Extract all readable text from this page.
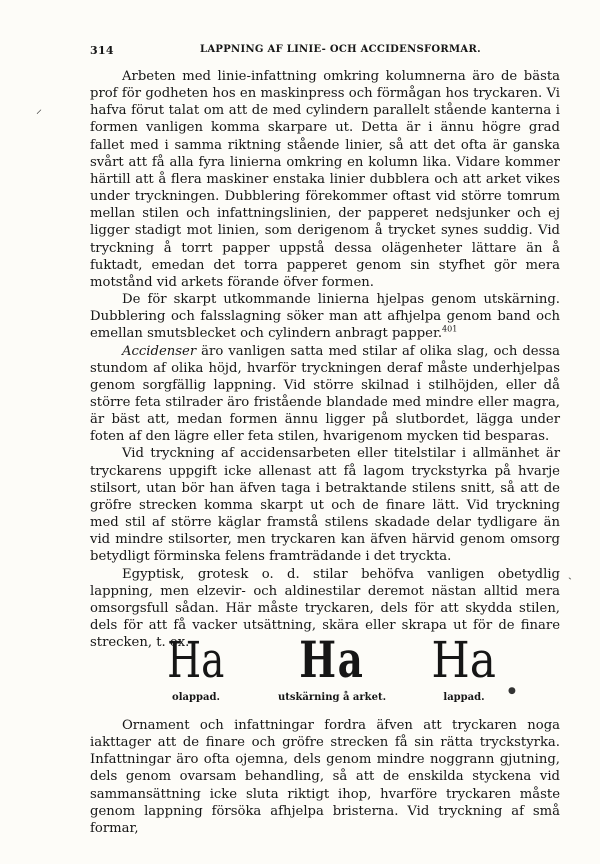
314	LAPPNING AF LINIE- OCH ACCIDENSFORMAR.

Arbeten med linie-infattning omkring kolumnerna äro de bästa prof för godheten hos en maskinpress och förmågan hos tryckaren. Vi hafva förut talat om att de med cylindern parallelt stående kanterna i formen vanligen komma skarpare ut. Detta är i ännu högre grad fallet med i samma riktning stående linier, så att det ofta är ganska svårt att få alla fyra linierna omkring en kolumn lika. Vidare kommer härtill att å flera maskiner enstaka linier dubblera och att arket vikes under tryckningen. Dubblering förekommer oftast vid större tomrum mellan stilen och infattningslinien, der papperet nedsjunker och ej ligger stadigt mot linien, som derigenom å trycket synes suddig. Vid tryckning å torrt papper uppstå dessa olägenheter lättare än å fuktadt, emedan det torra papperet genom sin styfhet gör mera motstånd vid arkets förande öfver formen.

De för skarpt utkommande linierna hjelpas genom utskärning. Dubblering och falsslagning söker man att afhjelpa genom band och emellan smutsblecket och cylindern anbragt papper.$^{401}$

Accidenser äro vanligen satta med stilar af olika slag, och dessa stundom af olika höjd, hvarför tryckningen deraf måste underhjelpas genom sorgfällig lappning. Vid större skilnad i stilhöjden, eller då större feta stilrader äro fristående blandade med mindre eller magra, är bäst att, medan formen ännu ligger på slutbordet, lägga under foten af den lägre eller feta stilen, hvarigenom mycken tid besparas.

Vid tryckning af accidensarbeten eller titelstilar i allmänhet är tryckarens uppgift icke allenast att få lagom tryckstyrka på hvarje stilsort, utan bör han äfven taga i betraktande stilens snitt, så att de gröfre strecken komma skarpt ut och de finare lätt. Vid tryckning med stil af större käglar framstå stilens skadade delar tydligare än vid mindre stilsorter, men tryckaren kan äfven härvid genom omsorg betydligt förminska felens framträdande i det tryckta.

Egyptisk, grotesk o. d. stilar behöfva vanligen obetydlig lappning, men elzevir- och aldinestilar deremot nästan alltid mera omsorgsfull sådan. Här måste tryckaren, dels för att skydda stilen, dels för att få vacker utsättning, skära eller skrapa ut för de finare strecken, t. ex.

Ha
olappad.
Ha
utskärning å arket.
Ha
lappad.

Ornament och infattningar fordra äfven att tryckaren noga iakttager att de finare och gröfre strecken få sin rätta tryckstyrka. Infattningar äro ofta ojemna, dels genom mindre noggrann gjutning, dels genom ovarsam behandling, så att de enskilda styckena vid sammansättning icke sluta riktigt ihop, hvarföre tryckaren måste genom lappning försöka afhjelpa bristerna. Vid tryckning af små formar,

⸝
ˎ
●
